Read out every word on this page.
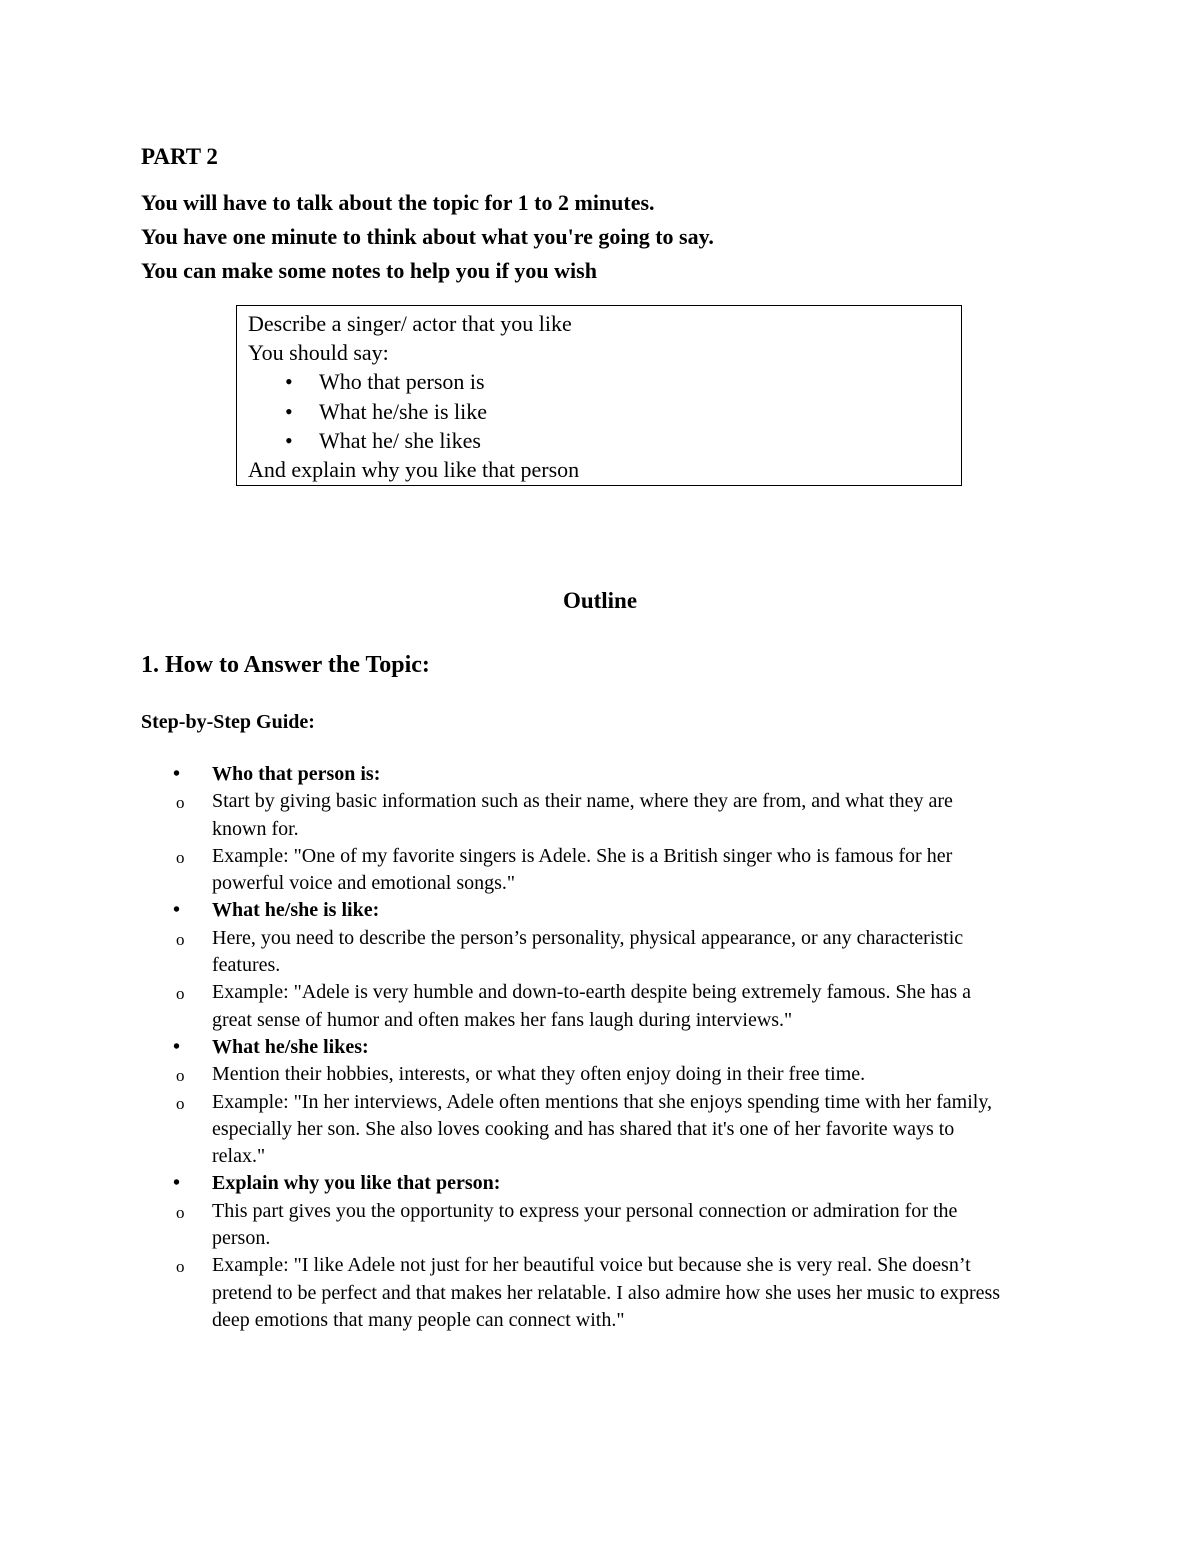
PART 2
You will have to talk about the topic for 1 to 2 minutes.
You have one minute to think about what you're going to say.
You can make some notes to help you if you wish
Describe a singer/ actor that you like
You should say:
• Who that person is
• What he/she is like
• What he/ she likes
And explain why you like that person
Outline
1. How to Answer the Topic:
Step-by-Step Guide:
• Who that person is:
o Start by giving basic information such as their name, where they are from, and what they are known for.
o Example: "One of my favorite singers is Adele. She is a British singer who is famous for her powerful voice and emotional songs."
• What he/she is like:
o Here, you need to describe the person’s personality, physical appearance, or any characteristic features.
o Example: "Adele is very humble and down-to-earth despite being extremely famous. She has a great sense of humor and often makes her fans laugh during interviews."
• What he/she likes:
o Mention their hobbies, interests, or what they often enjoy doing in their free time.
o Example: "In her interviews, Adele often mentions that she enjoys spending time with her family, especially her son. She also loves cooking and has shared that it's one of her favorite ways to relax."
• Explain why you like that person:
o This part gives you the opportunity to express your personal connection or admiration for the person.
o Example: "I like Adele not just for her beautiful voice but because she is very real. She doesn’t pretend to be perfect and that makes her relatable. I also admire how she uses her music to express deep emotions that many people can connect with."
